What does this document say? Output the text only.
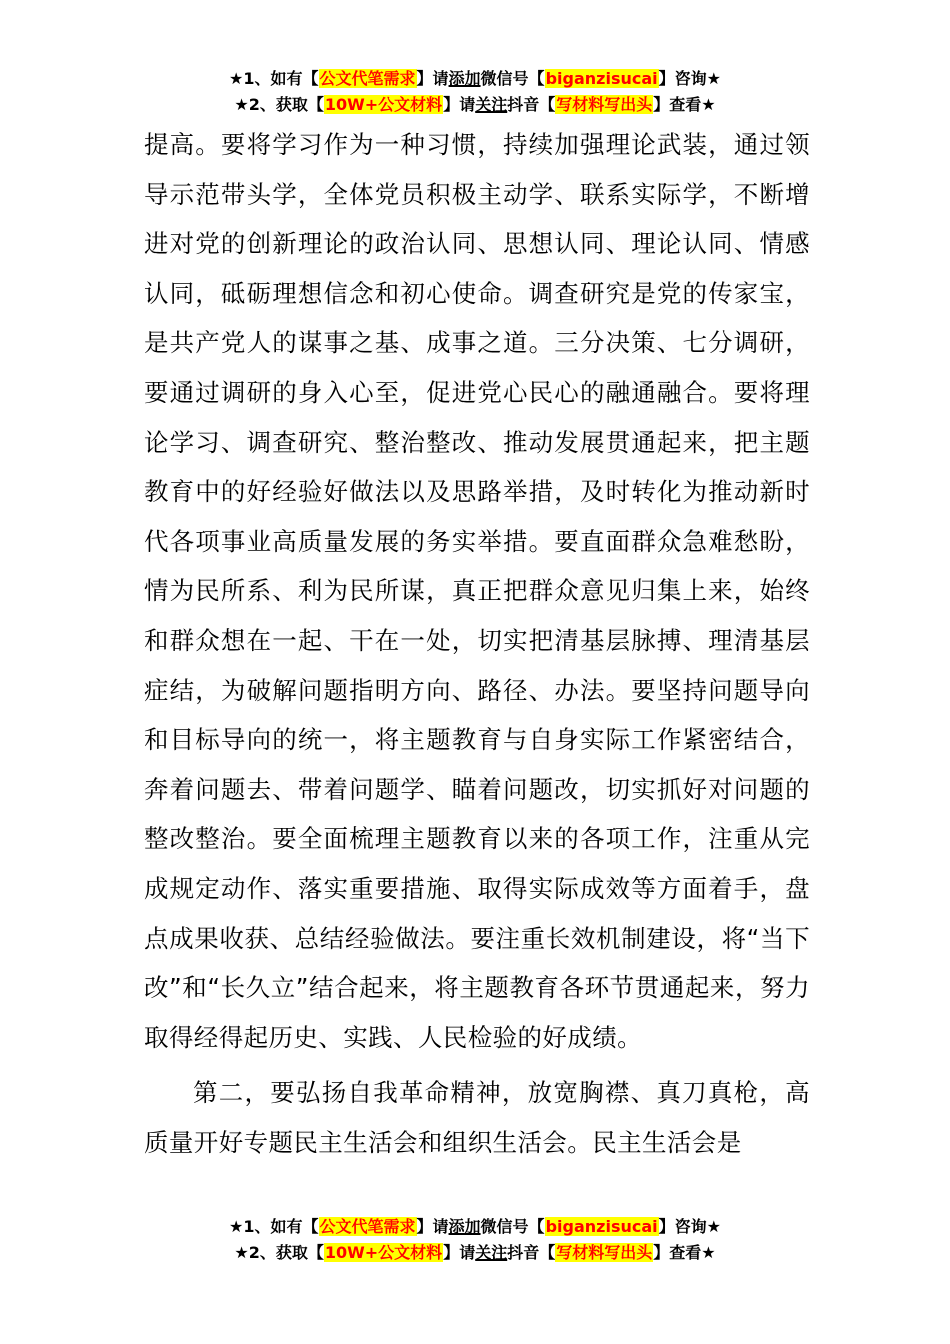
★1、如有【公文代笔需求】请添加微信号【biganzisucai】咨询★
★2、获取【10W+公文材料】请关注抖音【写材料写出头】查看★

提高。要将学习作为一种习惯，持续加强理论武装，通过领导示范带头学，全体党员积极主动学、联系实际学，不断增进对党的创新理论的政治认同、思想认同、理论认同、情感认同，砥砺理想信念和初心使命。调查研究是党的传家宝，是共产党人的谋事之基、成事之道。三分决策、七分调研，要通过调研的身入心至，促进党心民心的融通融合。要将理论学习、调查研究、整治整改、推动发展贯通起来，把主题教育中的好经验好做法以及思路举措，及时转化为推动新时代各项事业高质量发展的务实举措。要直面群众急难愁盼，情为民所系、利为民所谋，真正把群众意见归集上来，始终和群众想在一起、干在一处，切实把清基层脉搏、理清基层症结，为破解问题指明方向、路径、办法。要坚持问题导向和目标导向的统一，将主题教育与自身实际工作紧密结合，奔着问题去、带着问题学、瞄着问题改，切实抓好对问题的整改整治。要全面梳理主题教育以来的各项工作，注重从完成规定动作、落实重要措施、取得实际成效等方面着手，盘点成果收获、总结经验做法。要注重长效机制建设，将“当下改”和“长久立”结合起来，将主题教育各环节贯通起来，努力取得经得起历史、实践、人民检验的好成绩。

第二，要弘扬自我革命精神，放宽胸襟、真刀真枪，高质量开好专题民主生活会和组织生活会。民主生活会是

★1、如有【公文代笔需求】请添加微信号【biganzisucai】咨询★
★2、获取【10W+公文材料】请关注抖音【写材料写出头】查看★
